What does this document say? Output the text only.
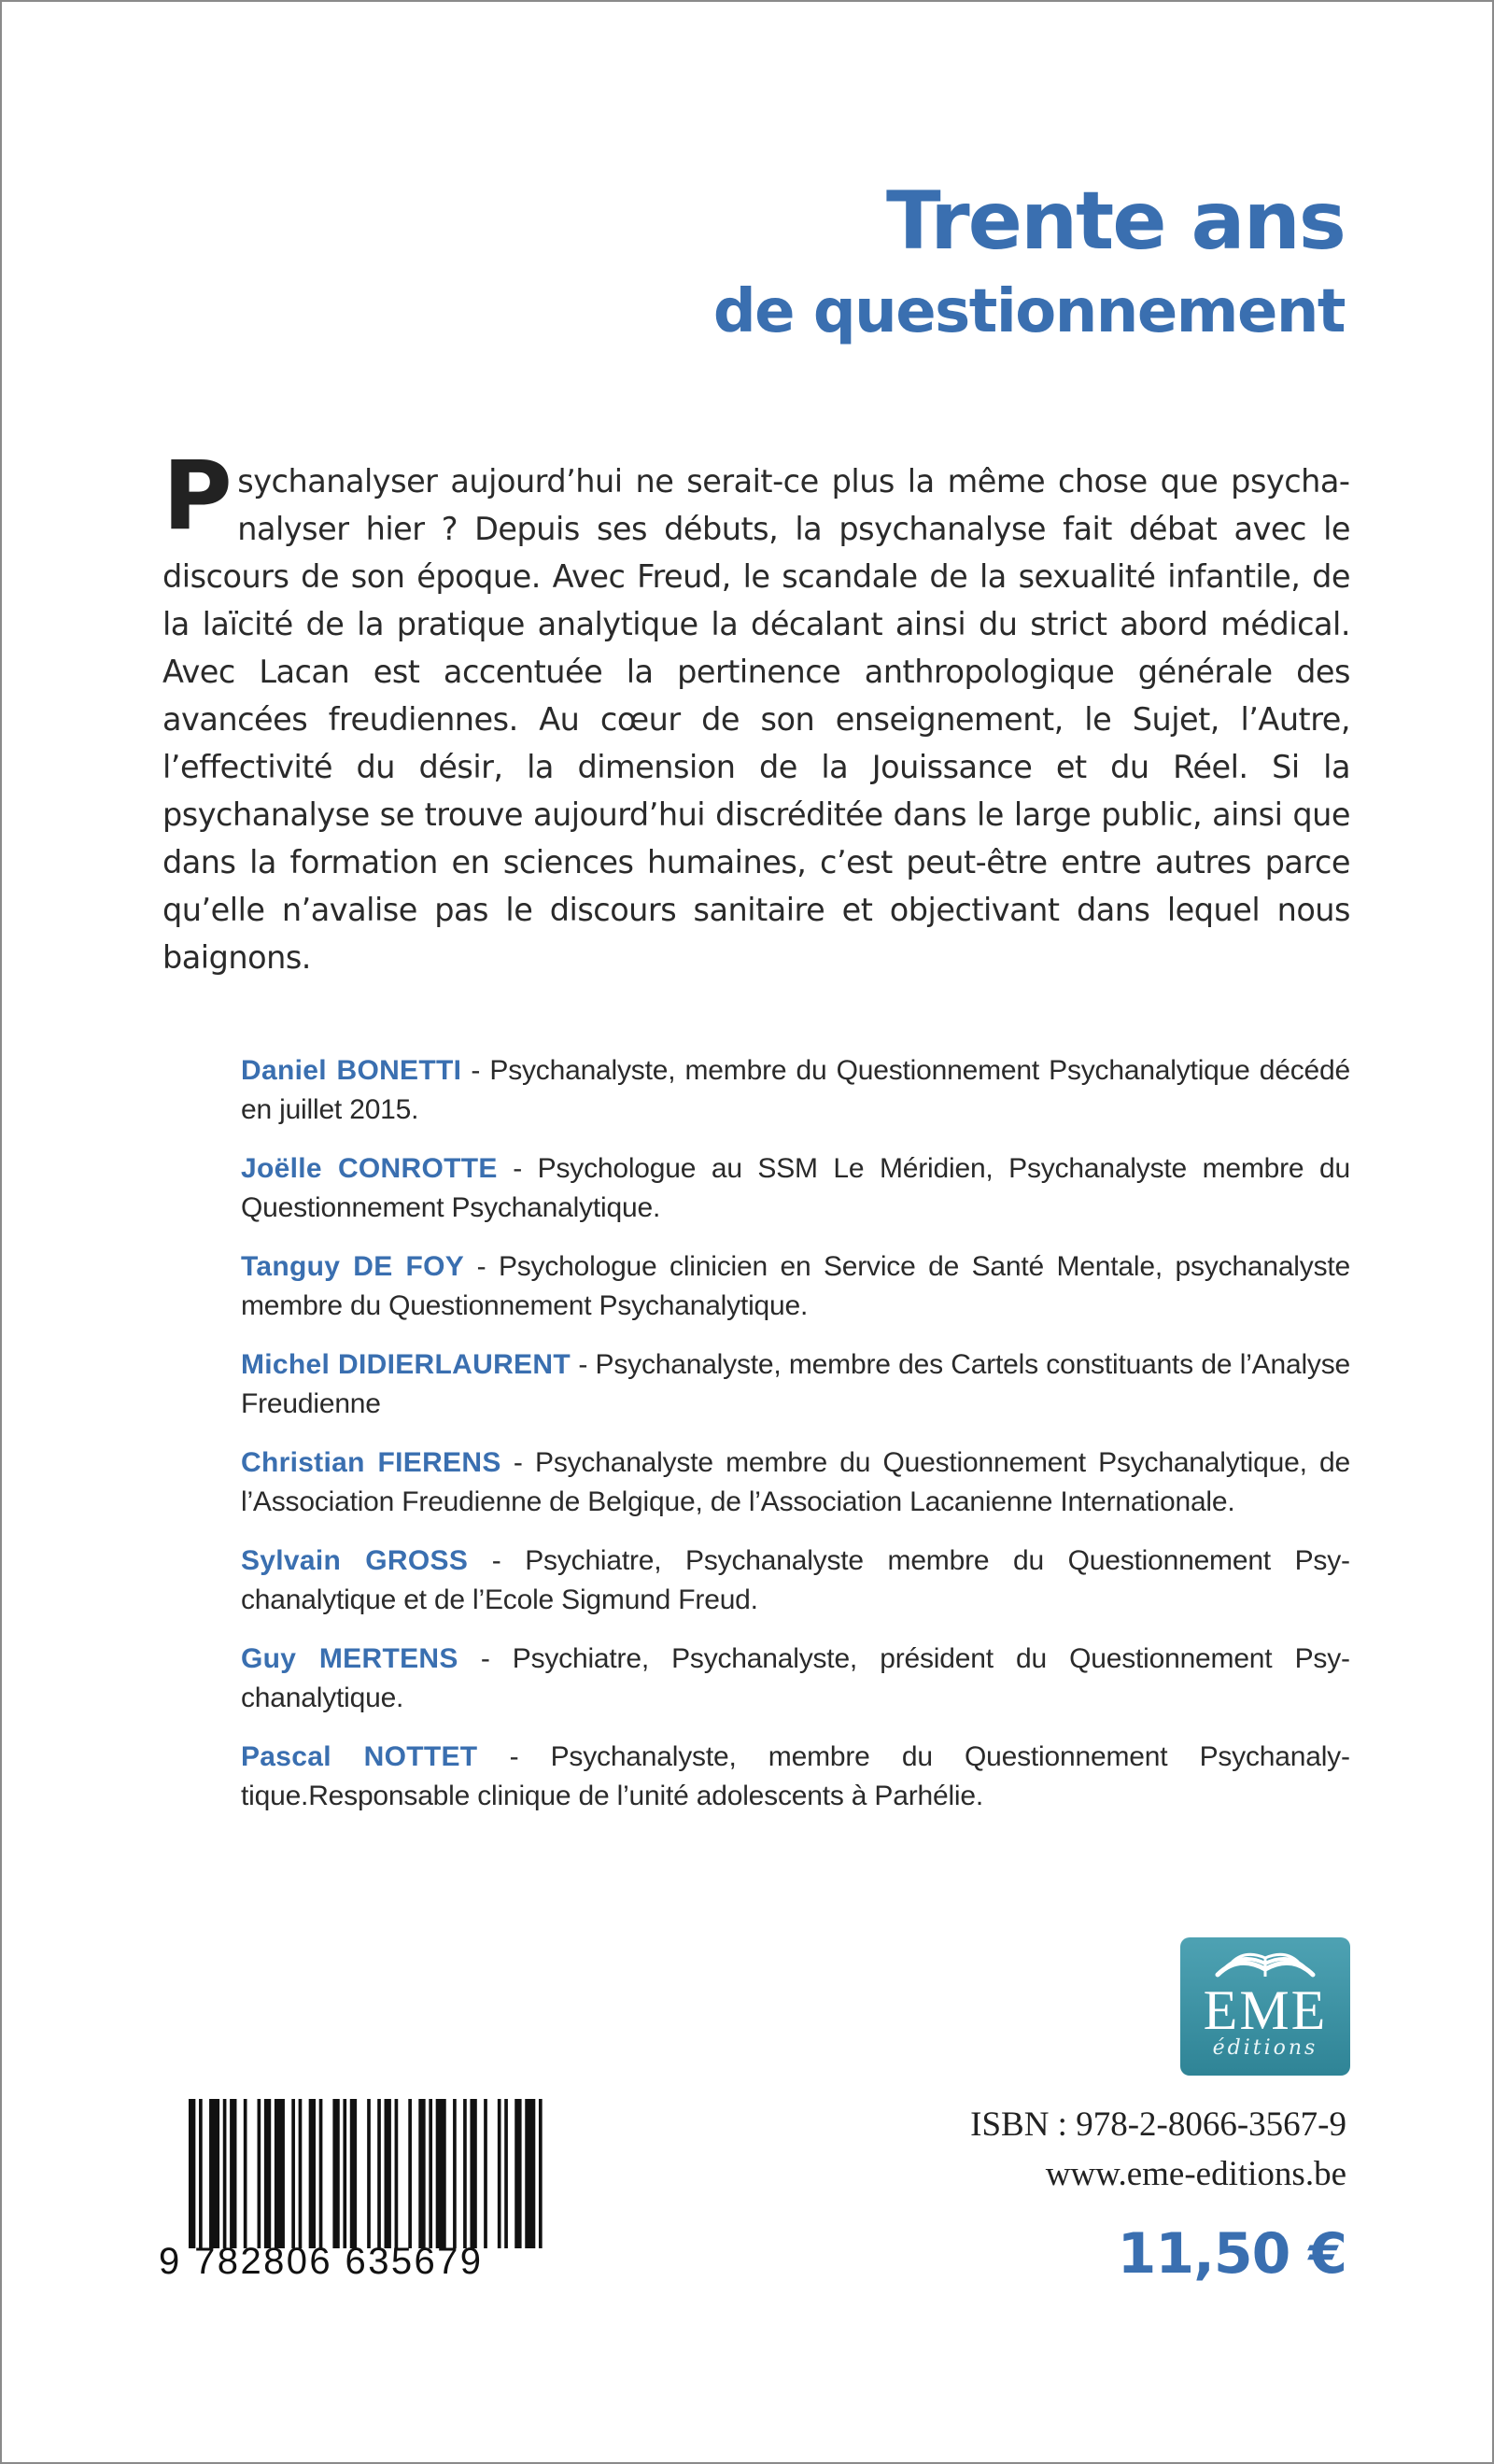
Trente ans
de questionnement
Psychanalyser aujourd’hui ne serait-ce plus la même chose que psychanalyser hier ? Depuis ses débuts, la psychanalyse fait débat avec le discours de son époque. Avec Freud, le scandale de la sexualité infantile, de la laïcité de la pratique analytique la décalant ainsi du strict abord médical. Avec Lacan est accentuée la pertinence anthropologique générale des avancées freudiennes. Au cœur de son enseignement, le Sujet, l’Autre, l’effectivité du désir, la dimension de la Jouissance et du Réel. Si la psychanalyse se trouve aujourd’hui discréditée dans le large public, ainsi que dans la formation en sciences humaines, c’est peut-être entre autres parce qu’elle n’avalise pas le discours sanitaire et objectivant dans lequel nous baignons.
Daniel BONETTI - Psychanalyste, membre du Questionnement Psychanalytique décédé en juillet 2015.
Joëlle CONROTTE - Psychologue au SSM Le Méridien, Psychanalyste membre du Questionnement Psychanalytique.
Tanguy DE FOY - Psychologue clinicien en Service de Santé Mentale, psychanalyste membre du Questionnement Psychanalytique.
Michel DIDIERLAURENT - Psychanalyste, membre des Cartels constituants de l’Analyse Freudienne
Christian FIERENS - Psychanalyste membre du Questionnement Psychanalytique, de l’Association Freudienne de Belgique, de l’Association Lacanienne Internationale.
Sylvain GROSS - Psychiatre, Psychanalyste membre du Questionnement Psychanalytique et de l’Ecole Sigmund Freud.
Guy MERTENS - Psychiatre, Psychanalyste, président du Questionnement Psychanalytique.
Pascal NOTTET - Psychanalyste, membre du Questionnement Psychanalytique.Responsable clinique de l’unité adolescents à Parhélie.
EME
éditions
9 782806 635679
ISBN : 978-2-8066-3567-9
www.eme-editions.be
11,50 €
